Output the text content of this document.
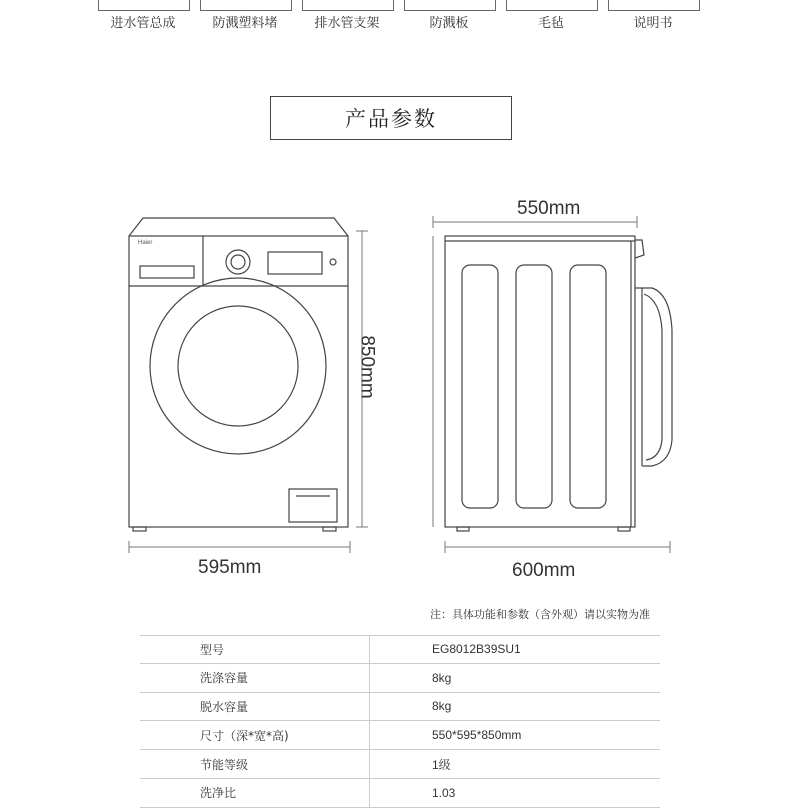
进水管总成	防溅塑料堵	排水管支架	防溅板	毛毡	说明书
产品参数
Haier
595mm
850mm
550mm
600mm
注：具体功能和参数（含外观）请以实物为准
型号	EG8012B39SU1
洗涤容量	8kg
脱水容量	8kg
尺寸（深*宽*高)	550*595*850mm
节能等级	1级
洗净比	1.03
